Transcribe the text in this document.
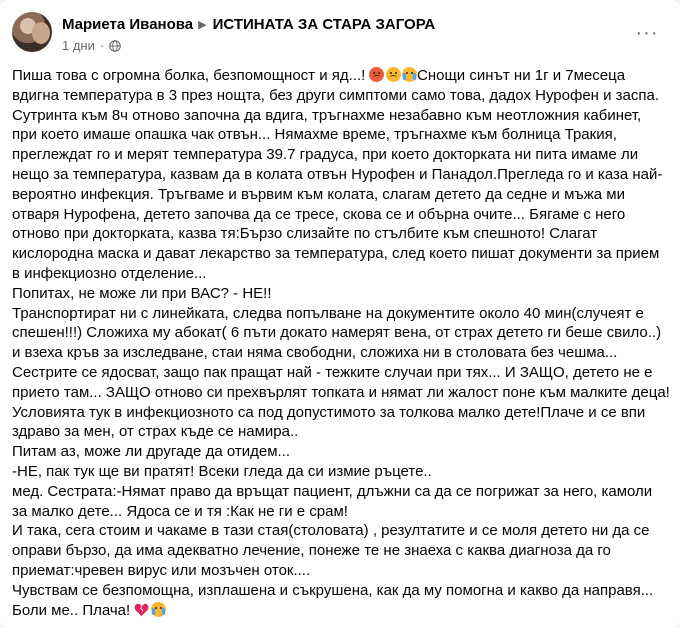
Мариета Иванова ▶ ИСТИНАТА ЗА СТАРА ЗАГОРА
1 дни ·
···

Пиша това с огромна болка, безпомощност и яд...!

 	Снощи синът ни 1г и 7месеца вдигна температура в 3 през нощта, без други симптоми само това, дадох Нурофен и заспа. Сутринта към 8ч отново започна да вдига, тръгнахме незабавно към неотложния кабинет, при което имаше опашка чак отвън... Нямахме време, тръгнахме към болница Тракия, преглеждат го и мерят температура 39.7 градуса, при което докторката ни пита имаме ли нещо за температура, казвам да в колата отвън Нурофен и Панадол.Прегледа го и каза най-вероятно инфекция. Тръгваме и вървим към колата, слагам детето да седне и мъжа ми отваря Нурофена, детето започва да се тресе, скова се и обърна очите... Бягаме с него отново при докторката, казва тя:Бързо слизайте по стълбите към спешното! Слагат кислородна маска и дават лекарство за температура, след което пишат документи за прием в инфекциозно отделение...

Попитах, не може ли при ВАС? - НЕ!!

Транспортират ни с линейката, следва попълване на документите около 40 мин(случеят е спешен!!!) Сложиха му абокат( 6 пъти докато намерят вена, от страх детето ги беше свило..) и взеха кръв за изследване, стаи няма свободни, сложиха ни в столовата без чешма... Сестрите се ядосват, защо пак пращат най - тежките случаи при тях... И ЗАЩО, детето не е прието там... ЗАЩО отново си прехвърлят топката и нямат ли жалост поне към малките деца! Условията тук в инфекциозното са под допустимото за толкова малко дете!Плаче и се впи здраво за мен, от страх къде се намира..

Питам аз, може ли другаде да отидем...

-НЕ, пак тук ще ви пратят! Всеки гледа да си измие ръцете..

мед. Сестрата:-Нямат право да връщат пациент, длъжни са да се погрижат за него, камоли за малко дете... Ядоса се и тя :Как не ги е срам!

И така, сега стоим и чакаме в тази стая(столовата) , резултатите и се моля детето ни да се оправи бързо, да има адекватно лечение, понеже те не знаеха с каква диагноза да го приемат:чревен вирус или мозъчен оток....

Чувствам се безпомощна, изплашена и съкрушена, как да му помогна и какво да направя...

Боли ме.. Плача!  
